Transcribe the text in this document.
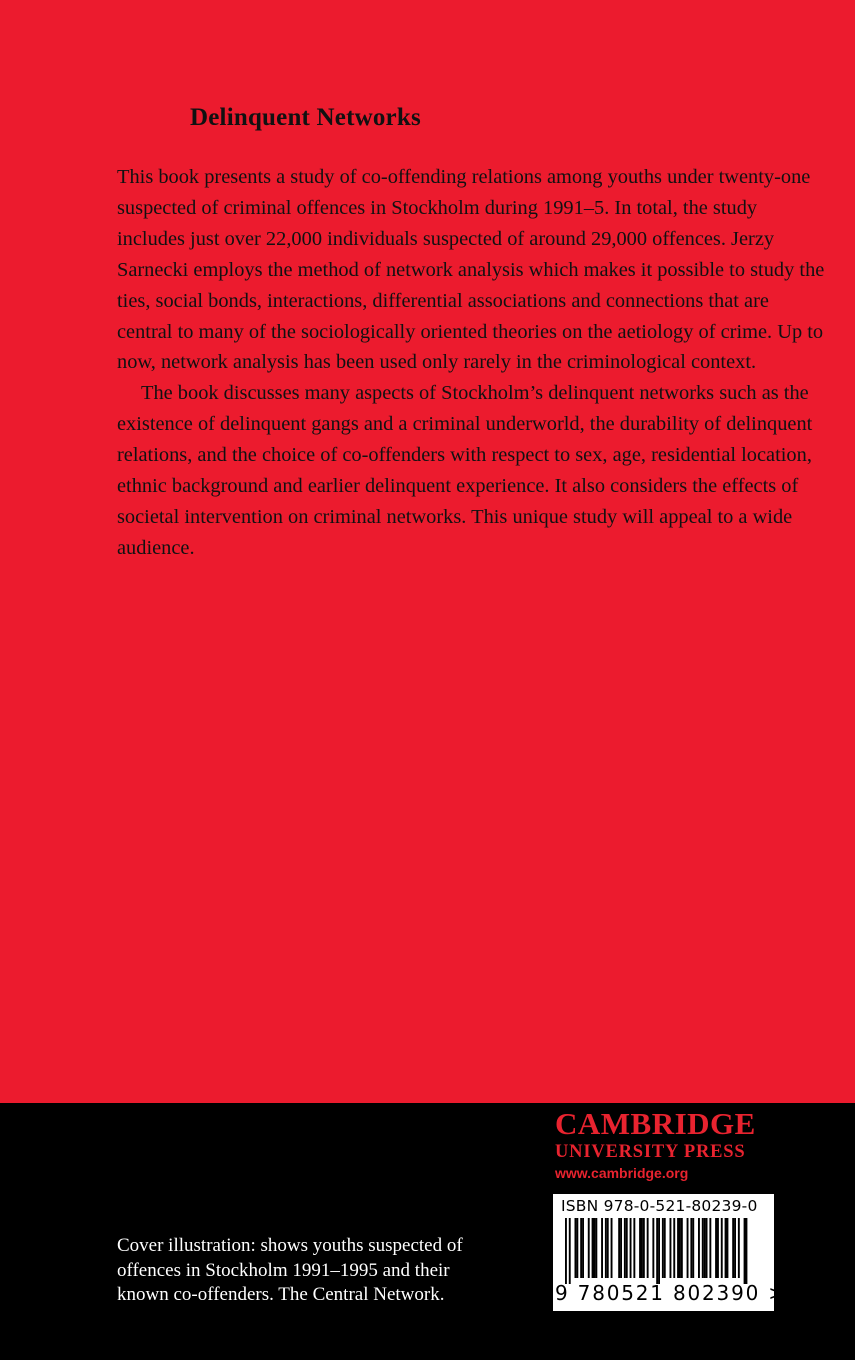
Delinquent Networks

This book presents a study of co-offending relations among youths under twenty-one suspected of criminal offences in Stockholm during 1991–5. In total, the study includes just over 22,000 individuals suspected of around 29,000 offences. Jerzy Sarnecki employs the method of network analysis which makes it possible to study the ties, social bonds, interactions, differential associations and connections that are central to many of the sociologically oriented theories on the aetiology of crime. Up to now, network analysis has been used only rarely in the criminological context.

The book discusses many aspects of Stockholm’s delinquent networks such as the existence of delinquent gangs and a criminal underworld, the durability of delinquent relations, and the choice of co-offenders with respect to sex, age, residential location, ethnic background and earlier delinquent experience. It also considers the effects of societal intervention on criminal networks. This unique study will appeal to a wide audience.

Cover illustration: shows youths suspected of offences in Stockholm 1991–1995 and their known co-offenders. The Central Network.
CAMBRIDGE
UNIVERSITY PRESS
www.cambridge.org
ISBN 978-0-521-80239-0
9 780521 802390 >
